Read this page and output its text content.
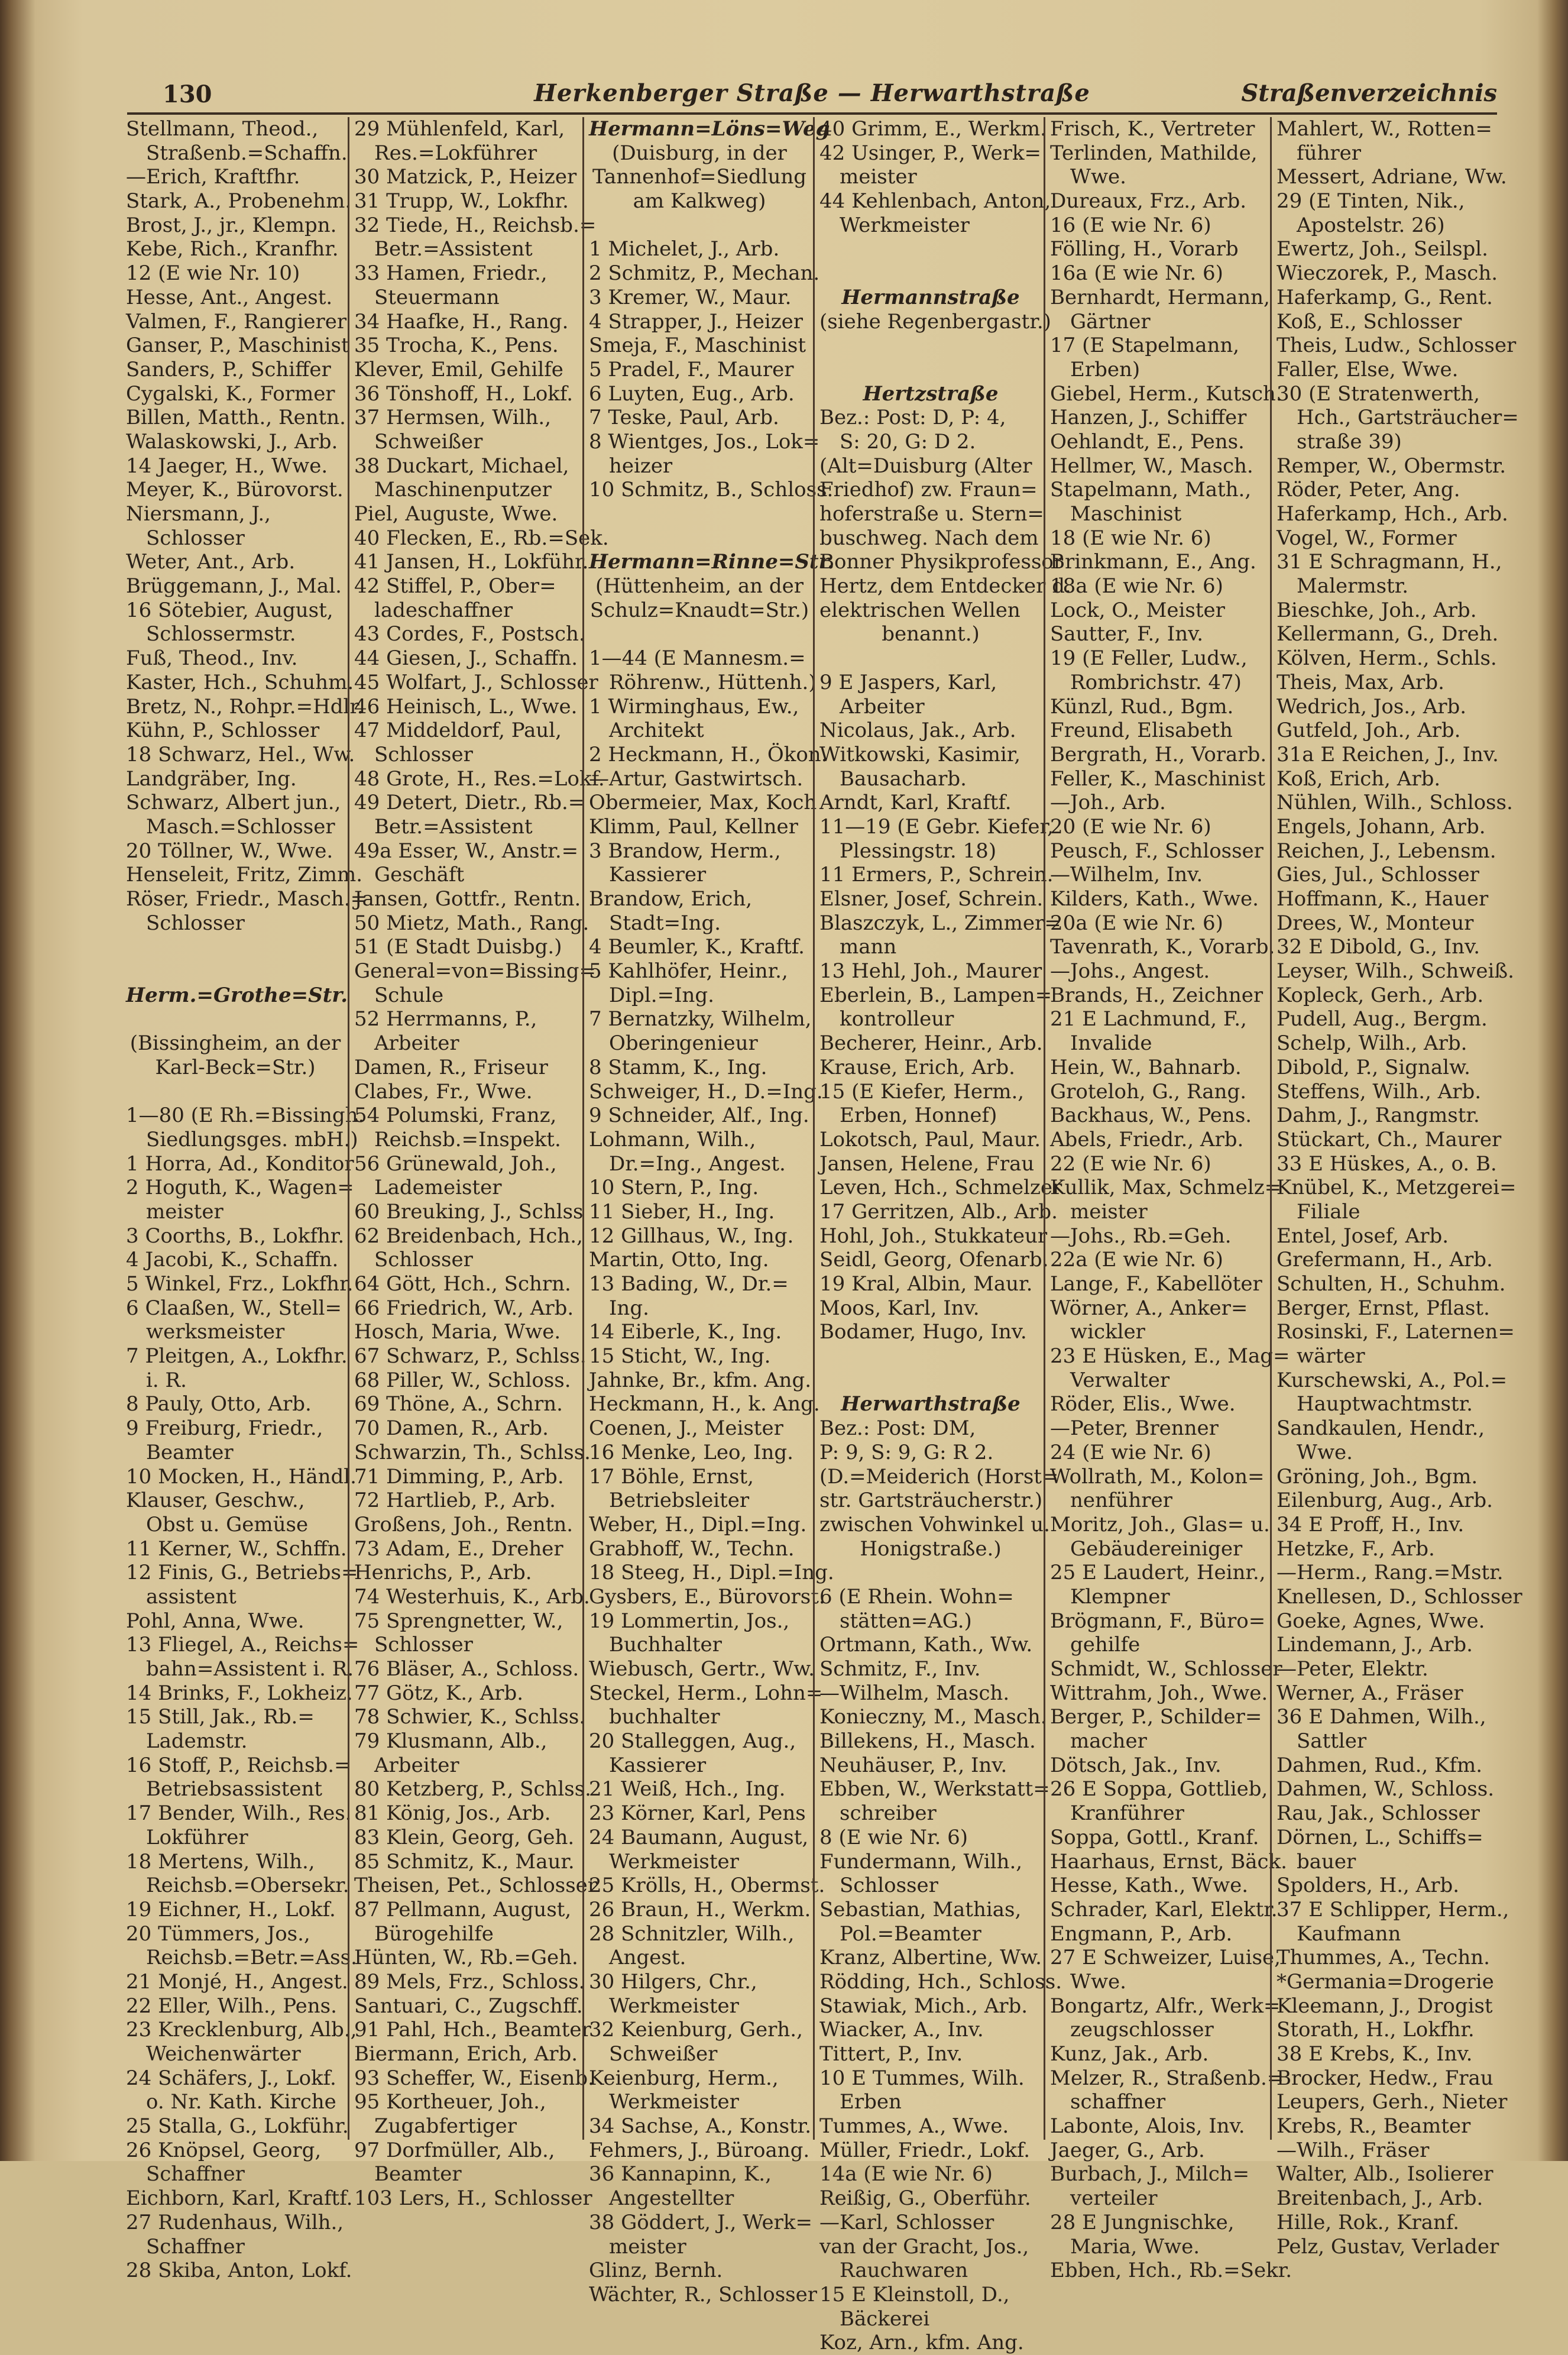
130	Herkenberger Straße — Herwarthstraße	Straßenverzeichnis
Stellmann, Theod.,
 Straßenb.=Schaffn.
—Erich, Kraftfhr.
Stark, A., Probenehm.
Brost, J., jr., Klempn.
Kebe, Rich., Kranfhr.
12 (E wie Nr. 10)
Hesse, Ant., Angest.
Valmen, F., Rangierer
Ganser, P., Maschinist
Sanders, P., Schiffer
Cygalski, K., Former
Billen, Matth., Rentn.
Walaskowski, J., Arb.
14 Jaeger, H., Wwe.
Meyer, K., Bürovorst.
Niersmann, J.,
 Schlosser
Weter, Ant., Arb.
Brüggemann, J., Mal.
16 Sötebier, August,
 Schlossermstr.
Fuß, Theod., Inv.
Kaster, Hch., Schuhm.
Bretz, N., Rohpr.=Hdlr.
Kühn, P., Schlosser
18 Schwarz, Hel., Ww.
Landgräber, Ing.
Schwarz, Albert jun.,
 Masch.=Schlosser
20 Töllner, W., Wwe.
Henseleit, Fritz, Zimm.
Röser, Friedr., Masch.=
 Schlosser
Herm.=Grothe=Str.
(Bissingheim, an der
Karl-Beck=Str.)
1—80 (E Rh.=Bissingh.
 Siedlungsges. mbH.)
1 Horra, Ad., Konditor
2 Hoguth, K., Wagen=
 meister
3 Coorths, B., Lokfhr.
4 Jacobi, K., Schaffn.
5 Winkel, Frz., Lokfhr.
6 Claaßen, W., Stell=
 werksmeister
7 Pleitgen, A., Lokfhr.
 i. R.
8 Pauly, Otto, Arb.
9 Freiburg, Friedr.,
 Beamter
10 Mocken, H., Händl.
Klauser, Geschw.,
 Obst u. Gemüse
11 Kerner, W., Schffn.
12 Finis, G., Betriebs=
 assistent
Pohl, Anna, Wwe.
13 Fliegel, A., Reichs=
 bahn=Assistent i. R.
14 Brinks, F., Lokheiz.
15 Still, Jak., Rb.=
 Lademstr.
16 Stoff, P., Reichsb.=
 Betriebsassistent
17 Bender, Wilh., Res.
 Lokführer
18 Mertens, Wilh.,
 Reichsb.=Obersekr.
19 Eichner, H., Lokf.
20 Tümmers, Jos.,
 Reichsb.=Betr.=Ass.
21 Monjé, H., Angest.
22 Eller, Wilh., Pens.
23 Krecklenburg, Alb.,
 Weichenwärter
24 Schäfers, J., Lokf.
 o. Nr. Kath. Kirche
25 Stalla, G., Lokführ.
26 Knöpsel, Georg,
 Schaffner
Eichborn, Karl, Kraftf.
27 Rudenhaus, Wilh.,
 Schaffner
28 Skiba, Anton, Lokf.
29 Mühlenfeld, Karl,
 Res.=Lokführer
30 Matzick, P., Heizer
31 Trupp, W., Lokfhr.
32 Tiede, H., Reichsb.=
 Betr.=Assistent
33 Hamen, Friedr.,
 Steuermann
34 Haafke, H., Rang.
35 Trocha, K., Pens.
Klever, Emil, Gehilfe
36 Tönshoff, H., Lokf.
37 Hermsen, Wilh.,
 Schweißer
38 Duckart, Michael,
 Maschinenputzer
Piel, Auguste, Wwe.
40 Flecken, E., Rb.=Sek.
41 Jansen, H., Lokführ.
42 Stiffel, P., Ober=
 ladeschaffner
43 Cordes, F., Postsch.
44 Giesen, J., Schaffn.
45 Wolfart, J., Schlosser
46 Heinisch, L., Wwe.
47 Middeldorf, Paul,
 Schlosser
48 Grote, H., Res.=Lokf.
49 Detert, Dietr., Rb.=
 Betr.=Assistent
49a Esser, W., Anstr.=
 Geschäft
Jansen, Gottfr., Rentn.
50 Mietz, Math., Rang.
51 (E Stadt Duisbg.)
General=von=Bissing=
 Schule
52 Herrmanns, P.,
 Arbeiter
Damen, R., Friseur
Clabes, Fr., Wwe.
54 Polumski, Franz,
 Reichsb.=Inspekt.
56 Grünewald, Joh.,
 Lademeister
60 Breuking, J., Schlss
62 Breidenbach, Hch.,
 Schlosser
64 Gött, Hch., Schrn.
66 Friedrich, W., Arb.
Hosch, Maria, Wwe.
67 Schwarz, P., Schlss.
68 Piller, W., Schloss.
69 Thöne, A., Schrn.
70 Damen, R., Arb.
Schwarzin, Th., Schlss.
71 Dimming, P., Arb.
72 Hartlieb, P., Arb.
Großens, Joh., Rentn.
73 Adam, E., Dreher
Henrichs, P., Arb.
74 Westerhuis, K., Arb.
75 Sprengnetter, W.,
 Schlosser
76 Bläser, A., Schloss.
77 Götz, K., Arb.
78 Schwier, K., Schlss.
79 Klusmann, Alb.,
 Arbeiter
80 Ketzberg, P., Schlss.
81 König, Jos., Arb.
83 Klein, Georg, Geh.
85 Schmitz, K., Maur.
Theisen, Pet., Schlosser
87 Pellmann, August,
 Bürogehilfe
Hünten, W., Rb.=Geh.
89 Mels, Frz., Schloss.
Santuari, C., Zugschff.
91 Pahl, Hch., Beamter
Biermann, Erich, Arb.
93 Scheffer, W., Eisenb.
95 Kortheuer, Joh.,
 Zugabfertiger
97 Dorfmüller, Alb.,
 Beamter
103 Lers, H., Schlosser
Hermann=Löns=Weg
(Duisburg, in der
Tannenhof=Siedlung
am Kalkweg)
1 Michelet, J., Arb.
2 Schmitz, P., Mechan.
3 Kremer, W., Maur.
4 Strapper, J., Heizer
Smeja, F., Maschinist
5 Pradel, F., Maurer
6 Luyten, Eug., Arb.
7 Teske, Paul, Arb.
8 Wientges, Jos., Lok=
 heizer
10 Schmitz, B., Schloss.
Hermann=Rinne=Str.
(Hüttenheim, an der
Schulz=Knaudt=Str.)
1—44 (E Mannesm.=
 Röhrenw., Hüttenh.)
1 Wirminghaus, Ew.,
 Architekt
2 Heckmann, H., Ökon.
—Artur, Gastwirtsch.
Obermeier, Max, Koch
Klimm, Paul, Kellner
3 Brandow, Herm.,
 Kassierer
Brandow, Erich,
 Stadt=Ing.
4 Beumler, K., Kraftf.
5 Kahlhöfer, Heinr.,
 Dipl.=Ing.
7 Bernatzky, Wilhelm,
 Oberingenieur
8 Stamm, K., Ing.
Schweiger, H., D.=Ing.
9 Schneider, Alf., Ing.
Lohmann, Wilh.,
 Dr.=Ing., Angest.
10 Stern, P., Ing.
11 Sieber, H., Ing.
12 Gillhaus, W., Ing.
Martin, Otto, Ing.
13 Bading, W., Dr.=
 Ing.
14 Eiberle, K., Ing.
15 Sticht, W., Ing.
Jahnke, Br., kfm. Ang.
Heckmann, H., k. Ang.
Coenen, J., Meister
16 Menke, Leo, Ing.
17 Böhle, Ernst,
 Betriebsleiter
Weber, H., Dipl.=Ing.
Grabhoff, W., Techn.
18 Steeg, H., Dipl.=Ing.
Gysbers, E., Bürovorst.
19 Lommertin, Jos.,
 Buchhalter
Wiebusch, Gertr., Ww.
Steckel, Herm., Lohn=
 buchhalter
20 Stalleggen, Aug.,
 Kassierer
21 Weiß, Hch., Ing.
23 Körner, Karl, Pens
24 Baumann, August,
 Werkmeister
25 Krölls, H., Obermst.
26 Braun, H., Werkm.
28 Schnitzler, Wilh.,
 Angest.
30 Hilgers, Chr.,
 Werkmeister
32 Keienburg, Gerh.,
 Schweißer
Keienburg, Herm.,
 Werkmeister
34 Sachse, A., Konstr.
Fehmers, J., Büroang.
36 Kannapinn, K.,
 Angestellter
38 Göddert, J., Werk=
 meister
Glinz, Bernh.
Wächter, R., Schlosser
40 Grimm, E., Werkm.
42 Usinger, P., Werk=
 meister
44 Kehlenbach, Anton,
 Werkmeister
Hermannstraße
(siehe Regenbergastr.)
Hertzstraße
Bez.: Post: D, P: 4,
 S: 20, G: D 2.
(Alt=Duisburg (Alter
Friedhof) zw. Fraun=
hoferstraße u. Stern=
buschweg. Nach dem
Bonner Physikprofessor
Hertz, dem Entdecker d.
elektrischen Wellen
benannt.)
9 E Jaspers, Karl,
 Arbeiter
Nicolaus, Jak., Arb.
Witkowski, Kasimir,
 Bausacharb.
Arndt, Karl, Kraftf.
11—19 (E Gebr. Kiefer,
 Plessingstr. 18)
11 Ermers, P., Schrein.
Elsner, Josef, Schrein.
Blaszczyk, L., Zimmer=
 mann
13 Hehl, Joh., Maurer
Eberlein, B., Lampen=
 kontrolleur
Becherer, Heinr., Arb.
Krause, Erich, Arb.
15 (E Kiefer, Herm.,
 Erben, Honnef)
Lokotsch, Paul, Maur.
Jansen, Helene, Frau
Leven, Hch., Schmelzer
17 Gerritzen, Alb., Arb.
Hohl, Joh., Stukkateur
Seidl, Georg, Ofenarb.
19 Kral, Albin, Maur.
Moos, Karl, Inv.
Bodamer, Hugo, Inv.
Herwarthstraße
Bez.: Post: DM,
P: 9, S: 9, G: R 2.
(D.=Meiderich (Horst=
str. Gartsträucherstr.)
zwischen Vohwinkel u.
Honigstraße.)
6 (E Rhein. Wohn=
 stätten=AG.)
Ortmann, Kath., Ww.
Schmitz, F., Inv.
—Wilhelm, Masch.
Konieczny, M., Masch.
Billekens, H., Masch.
Neuhäuser, P., Inv.
Ebben, W., Werkstatt=
 schreiber
8 (E wie Nr. 6)
Fundermann, Wilh.,
 Schlosser
Sebastian, Mathias,
 Pol.=Beamter
Kranz, Albertine, Ww.
Rödding, Hch., Schloss.
Stawiak, Mich., Arb.
Wiacker, A., Inv.
Tittert, P., Inv.
10 E Tummes, Wilh.
 Erben
Tummes, A., Wwe.
Müller, Friedr., Lokf.
14a (E wie Nr. 6)
Reißig, G., Oberführ.
—Karl, Schlosser
van der Gracht, Jos.,
 Rauchwaren
15 E Kleinstoll, D.,
 Bäckerei
Koz, Arn., kfm. Ang.
Frisch, K., Vertreter
Terlinden, Mathilde,
 Wwe.
Dureaux, Frz., Arb.
16 (E wie Nr. 6)
Fölling, H., Vorarb
16a (E wie Nr. 6)
Bernhardt, Hermann,
 Gärtner
17 (E Stapelmann,
 Erben)
Giebel, Herm., Kutsch.
Hanzen, J., Schiffer
Oehlandt, E., Pens.
Hellmer, W., Masch.
Stapelmann, Math.,
 Maschinist
18 (E wie Nr. 6)
Brinkmann, E., Ang.
18a (E wie Nr. 6)
Lock, O., Meister
Sautter, F., Inv.
19 (E Feller, Ludw.,
 Rombrichstr. 47)
Künzl, Rud., Bgm.
Freund, Elisabeth
Bergrath, H., Vorarb.
Feller, K., Maschinist
—Joh., Arb.
20 (E wie Nr. 6)
Peusch, F., Schlosser
—Wilhelm, Inv.
Kilders, Kath., Wwe.
20a (E wie Nr. 6)
Tavenrath, K., Vorarb.
—Johs., Angest.
Brands, H., Zeichner
21 E Lachmund, F.,
 Invalide
Hein, W., Bahnarb.
Groteloh, G., Rang.
Backhaus, W., Pens.
Abels, Friedr., Arb.
22 (E wie Nr. 6)
Kullik, Max, Schmelz=
 meister
—Johs., Rb.=Geh.
22a (E wie Nr. 6)
Lange, F., Kabellöter
Wörner, A., Anker=
 wickler
23 E Hüsken, E., Mag=
 Verwalter
Röder, Elis., Wwe.
—Peter, Brenner
24 (E wie Nr. 6)
Wollrath, M., Kolon=
 nenführer
Moritz, Joh., Glas= u.
 Gebäudereiniger
25 E Laudert, Heinr.,
 Klempner
Brögmann, F., Büro=
 gehilfe
Schmidt, W., Schlosser
Wittrahm, Joh., Wwe.
Berger, P., Schilder=
 macher
Dötsch, Jak., Inv.
26 E Soppa, Gottlieb,
 Kranführer
Soppa, Gottl., Kranf.
Haarhaus, Ernst, Bäck.
Hesse, Kath., Wwe.
Schrader, Karl, Elektr.
Engmann, P., Arb.
27 E Schweizer, Luise,
 Wwe.
Bongartz, Alfr., Werk=
 zeugschlosser
Kunz, Jak., Arb.
Melzer, R., Straßenb.=
 schaffner
Labonte, Alois, Inv.
Jaeger, G., Arb.
Burbach, J., Milch=
 verteiler
28 E Jungnischke,
 Maria, Wwe.
Ebben, Hch., Rb.=Sekr.
Mahlert, W., Rotten=
 führer
Messert, Adriane, Ww.
29 (E Tinten, Nik.,
 Apostelstr. 26)
Ewertz, Joh., Seilspl.
Wieczorek, P., Masch.
Haferkamp, G., Rent.
Koß, E., Schlosser
Theis, Ludw., Schlosser
Faller, Else, Wwe.
30 (E Stratenwerth,
 Hch., Gartsträucher=
 straße 39)
Remper, W., Obermstr.
Röder, Peter, Ang.
Haferkamp, Hch., Arb.
Vogel, W., Former
31 E Schragmann, H.,
 Malermstr.
Bieschke, Joh., Arb.
Kellermann, G., Dreh.
Kölven, Herm., Schls.
Theis, Max, Arb.
Wedrich, Jos., Arb.
Gutfeld, Joh., Arb.
31a E Reichen, J., Inv.
Koß, Erich, Arb.
Nühlen, Wilh., Schloss.
Engels, Johann, Arb.
Reichen, J., Lebensm.
Gies, Jul., Schlosser
Hoffmann, K., Hauer
Drees, W., Monteur
32 E Dibold, G., Inv.
Leyser, Wilh., Schweiß.
Kopleck, Gerh., Arb.
Pudell, Aug., Bergm.
Schelp, Wilh., Arb.
Dibold, P., Signalw.
Steffens, Wilh., Arb.
Dahm, J., Rangmstr.
Stückart, Ch., Maurer
33 E Hüskes, A., o. B.
Knübel, K., Metzgerei=
 Filiale
Entel, Josef, Arb.
Grefermann, H., Arb.
Schulten, H., Schuhm.
Berger, Ernst, Pflast.
Rosinski, F., Laternen=
 wärter
Kurschewski, A., Pol.=
 Hauptwachtmstr.
Sandkaulen, Hendr.,
 Wwe.
Gröning, Joh., Bgm.
Eilenburg, Aug., Arb.
34 E Proff, H., Inv.
Hetzke, F., Arb.
—Herm., Rang.=Mstr.
Knellesen, D., Schlosser
Goeke, Agnes, Wwe.
Lindemann, J., Arb.
—Peter, Elektr.
Werner, A., Fräser
36 E Dahmen, Wilh.,
 Sattler
Dahmen, Rud., Kfm.
Dahmen, W., Schloss.
Rau, Jak., Schlosser
Dörnen, L., Schiffs=
 bauer
Spolders, H., Arb.
37 E Schlipper, Herm.,
 Kaufmann
Thummes, A., Techn.
*Germania=Drogerie
Kleemann, J., Drogist
Storath, H., Lokfhr.
38 E Krebs, K., Inv.
Brocker, Hedw., Frau
Leupers, Gerh., Nieter
Krebs, R., Beamter
—Wilh., Fräser
Walter, Alb., Isolierer
Breitenbach, J., Arb.
Hille, Rok., Kranf.
Pelz, Gustav, Verlader
